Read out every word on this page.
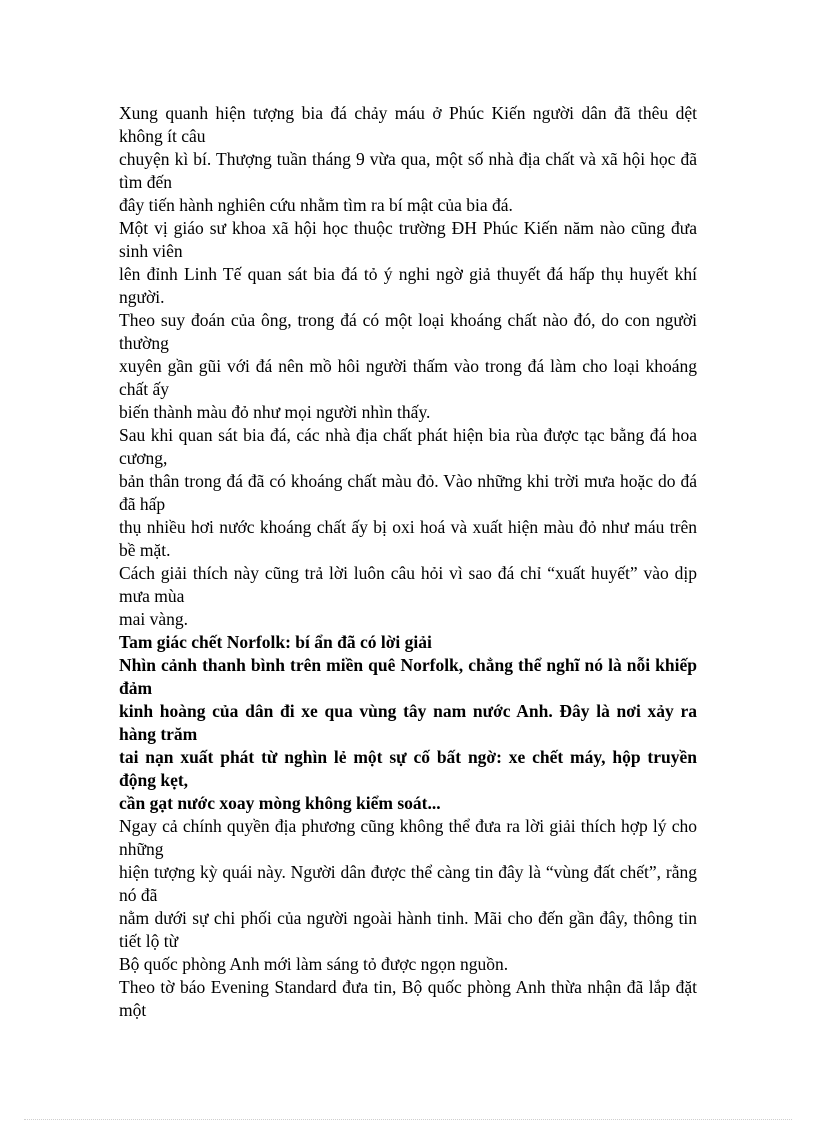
Xung quanh hiện tượng bia đá chảy máu ở Phúc Kiến người dân đã thêu dệt không ít câu

chuyện kì bí. Thượng tuần tháng 9 vừa qua, một số nhà địa chất và xã hội học đã tìm đến

đây tiến hành nghiên cứu nhằm tìm ra bí mật của bia đá.

Một vị giáo sư khoa xã hội học thuộc trường ĐH Phúc Kiến năm nào cũng đưa sinh viên

lên đỉnh Linh Tế quan sát bia đá tỏ ý nghi ngờ giả thuyết đá hấp thụ huyết khí người.

Theo suy đoán của ông, trong đá có một loại khoáng chất nào đó, do con người thường

xuyên gần gũi với đá nên mồ hôi người thấm vào trong đá làm cho loại khoáng chất ấy

biến thành màu đỏ như mọi người nhìn thấy.

Sau khi quan sát bia đá, các nhà địa chất phát hiện bia rùa được tạc bằng đá hoa cương,

bản thân trong đá đã có khoáng chất màu đỏ. Vào những khi trời mưa hoặc do đá đã hấp

thụ nhiều hơi nước khoáng chất ấy bị oxi hoá và xuất hiện màu đỏ như máu trên bề mặt.

Cách giải thích này cũng trả lời luôn câu hỏi vì sao đá chỉ “xuất huyết” vào dịp mưa mùa

mai vàng.

Tam giác chết Norfolk: bí ẩn đã có lời giải

Nhìn cảnh thanh bình trên miền quê Norfolk, chẳng thể nghĩ nó là nỗi khiếp đảm

kinh hoàng của dân đi xe qua vùng tây nam nước Anh. Đây là nơi xảy ra hàng trăm

tai nạn xuất phát từ nghìn lẻ một sự cố bất ngờ: xe chết máy, hộp truyền động kẹt,

cần gạt nước xoay mòng không kiểm soát...

Ngay cả chính quyền địa phương cũng không thể đưa ra lời giải thích hợp lý cho những

hiện tượng kỳ quái này. Người dân được thể càng tin đây là “vùng đất chết”, rằng nó đã

nằm dưới sự chi phối của người ngoài hành tinh. Mãi cho đến gần đây, thông tin tiết lộ từ

Bộ quốc phòng Anh mới làm sáng tỏ được ngọn nguồn.

Theo tờ báo Evening Standard đưa tin, Bộ quốc phòng Anh thừa nhận đã lắp đặt một
